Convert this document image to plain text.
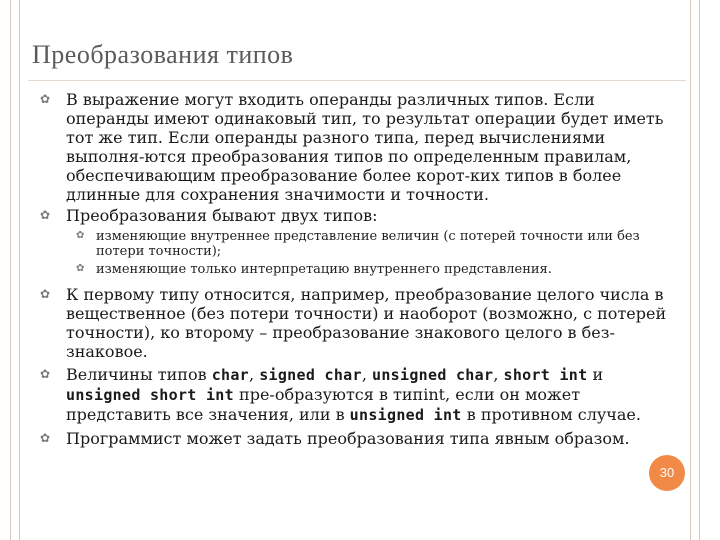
Преобразования типов
✿ В выражение могут входить операнды различных типов. Если операнды имеют одинаковый тип, то результат операции будет иметь тот же тип. Если операнды разного типа, перед вычислениями выполня-ются преобразования типов по определенным правилам, обеспечивающим преобразование более корот-ких типов в более длинные для сохранения значимости и точности.
✿ Преобразования бывают двух типов:
✿ изменяющие внутреннее представление величин (с потерей точности или без потери точности);
✿ изменяющие только интерпретацию внутреннего представления.
✿ К первому типу относится, например, преобразование целого числа в вещественное (без потери точности) и наоборот (возможно, с потерей точности), ко второму – преобразование знакового целого в без-знаковое.
✿ Величины типов char, signed char, unsigned char, short int и unsigned short int пре-образуются в типint, если он может представить все значения, или в unsigned int в противном случае.
✿ Программист может задать преобразования типа явным образом.
30
